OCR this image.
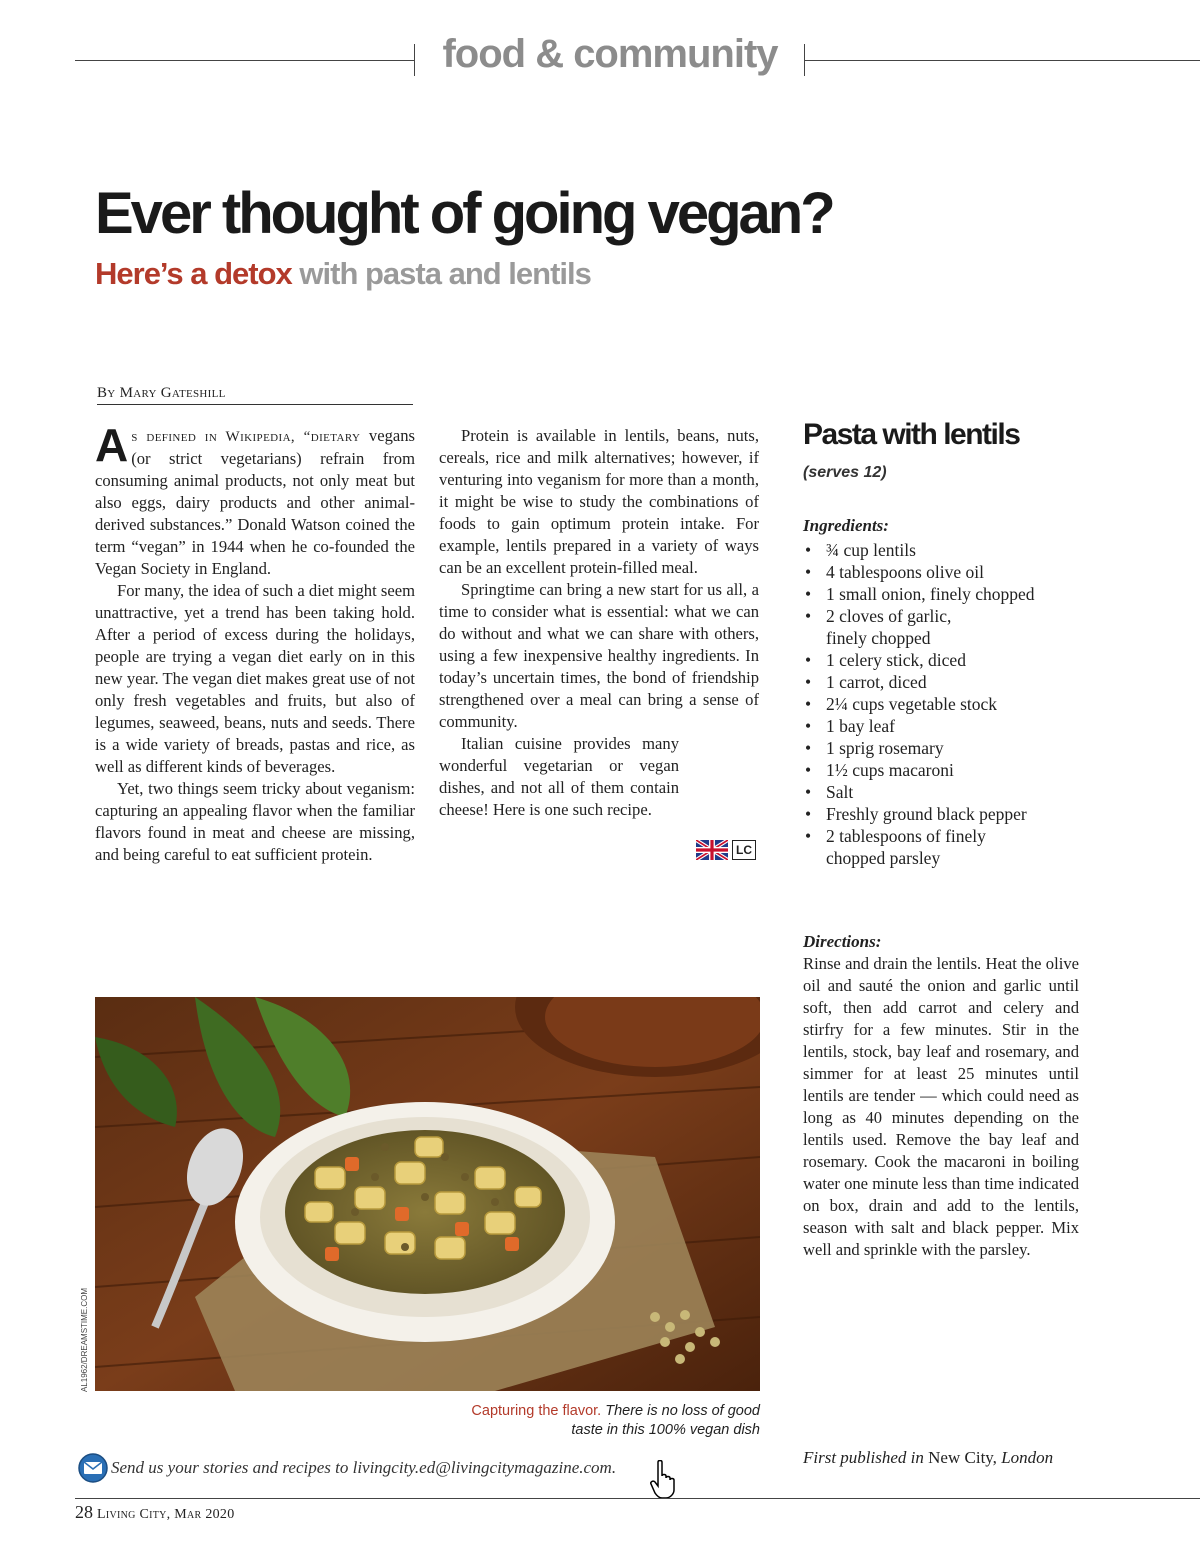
food & community
Ever thought of going vegan?
Here’s a detox with pasta and lentils
By Mary Gateshill

As defined in Wikipedia, “dietary vegans (or strict vegetarians) refrain from consuming animal products, not only meat but also eggs, dairy products and other animal-derived substances.” Donald Watson coined the term “vegan” in 1944 when he co-founded the Vegan Society in England.

For many, the idea of such a diet might seem unattractive, yet a trend has been taking hold. After a period of excess during the holidays, people are trying a vegan diet early on in this new year. The vegan diet makes great use of not only fresh vegetables and fruits, but also of legumes, seaweed, beans, nuts and seeds. There is a wide variety of breads, pastas and rice, as well as different kinds of beverages.

Yet, two things seem tricky about veganism: capturing an appealing flavor when the familiar flavors found in meat and cheese are missing, and being careful to eat sufficient protein.

Protein is available in lentils, beans, nuts, cereals, rice and milk alternatives; however, if venturing into veganism for more than a month, it might be wise to study the combinations of foods to gain optimum protein intake. For example, lentils prepared in a variety of ways can be an excellent protein-filled meal.

Springtime can bring a new start for us all, a time to consider what is essential: what we can do without and what we can share with others, using a few inexpensive healthy ingredients. In today’s uncertain times, the bond of friendship strengthened over a meal can bring a sense of community.

Italian cuisine provides many wonderful vegetarian or vegan dishes, and not all of them contain cheese! Here is one such recipe.

LC
Pasta with lentils
(serves 12)
Ingredients:
• ¾ cup lentils
• 4 tablespoons olive oil
• 1 small onion, finely chopped
• 2 cloves of garlic, finely chopped
• 1 celery stick, diced
• 1 carrot, diced
• 2¼ cups vegetable stock
• 1 bay leaf
• 1 sprig rosemary
• 1½ cups macaroni
• Salt
• Freshly ground black pepper
• 2 tablespoons of finely chopped parsley
Directions:
Rinse and drain the lentils. Heat the olive oil and sauté the onion and garlic until soft, then add carrot and celery and stirfry for a few minutes. Stir in the lentils, stock, bay leaf and rosemary, and simmer for at least 25 minutes until lentils are tender — which could need as long as 40 minutes depending on the lentils used. Remove the bay leaf and rosemary. Cook the macaroni in boiling water one minute less than time indicated on box, drain and add to the lentils, season with salt and black pepper. Mix well and sprinkle with the parsley.
AL1962/DREAMSTIME.COM
Capturing the flavor. There is no loss of good taste in this 100% vegan dish
First published in New City, London
Send us your stories and recipes to livingcity.ed@livingcitymagazine.com.
28 Living City, Mar 2020
